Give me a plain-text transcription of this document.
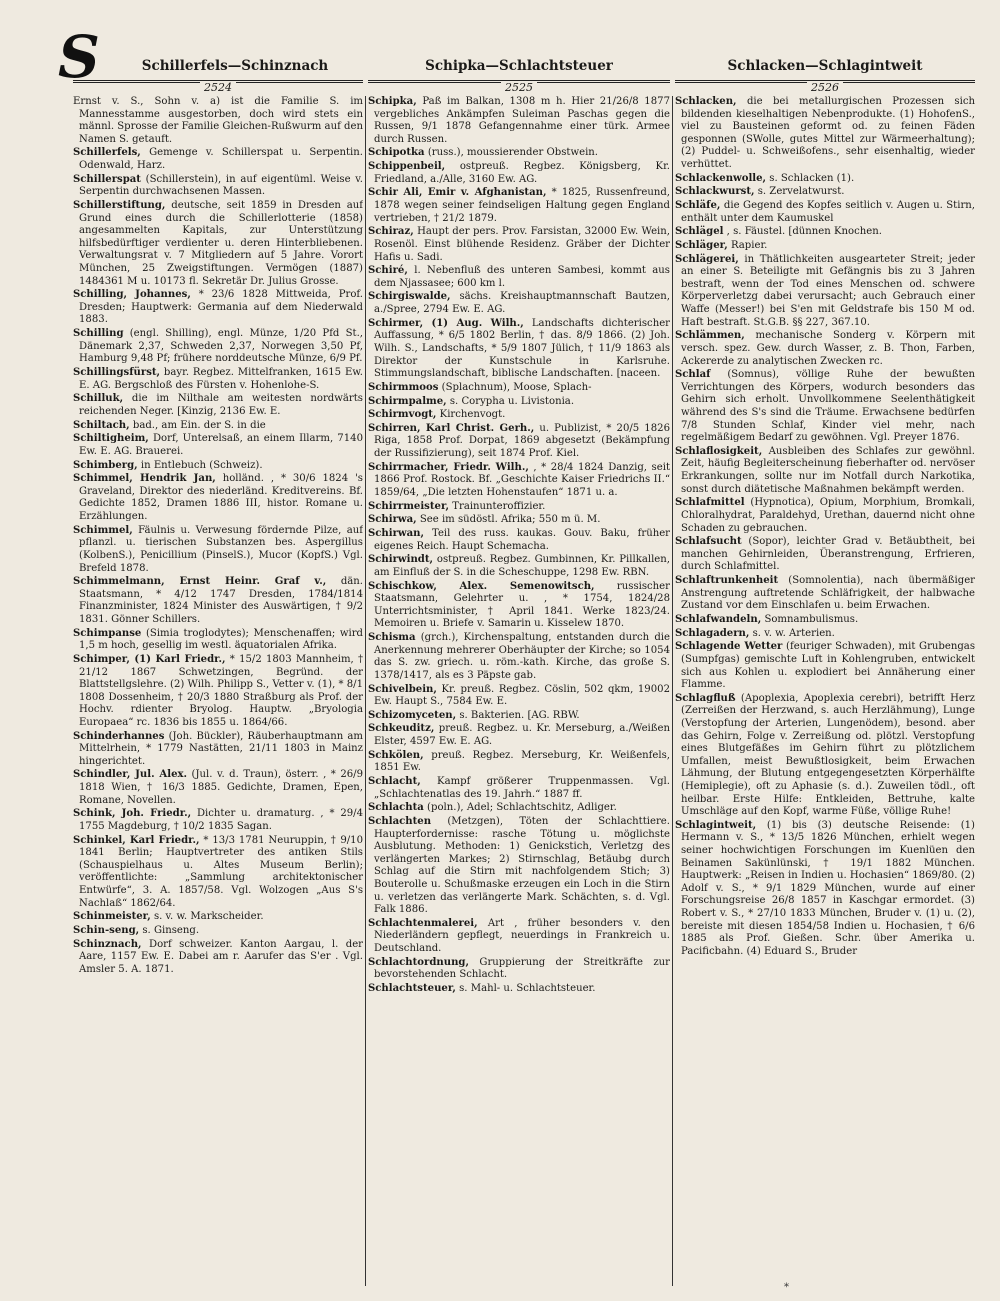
S	Schillerfels—Schinznach	Schipka—Schlachtsteuer	Schlacken—Schlagintweit
2524	2525	2526
Ernst v. S., Sohn v. a) ist die Familie S. im Mannesstamme ausgestorben, doch wird stets ein männl. Sprosse der Familie Gleichen-Rußwurm auf den Namen S. getauft.
Schillerfels, Gemenge v. Schillerspat u. Serpentin. Odenwald, Harz.
Schillerspat (Schillerstein), in auf eigentüml. Weise v. Serpentin durchwachsenen Massen.
Schillerstiftung, deutsche, seit 1859 in Dresden auf Grund eines durch die Schillerlotterie (1858) angesammelten Kapitals, zur Unterstützung hilfsbedürftiger verdienter u. deren Hinterbliebenen. Verwaltungsrat v. 7 Mitgliedern auf 5 Jahre. Vorort München, 25 Zweigstiftungen. Vermögen (1887) 1484361 M u. 10173 fl. Sekretär Dr. Julius Grosse.
Schilling, Johannes, * 23/6 1828 Mittweida, Prof. Dresden; Hauptwerk: Germania auf dem Niederwald 1883.
Schilling (engl. Shilling), engl. Münze, 1/20 Pfd St., Dänemark 2,37, Schweden 2,37, Norwegen 3,50 Pf, Hamburg 9,48 Pf; frühere norddeutsche Münze, 6/9 Pf.
Schillingsfürst, bayr. Regbez. Mittelfranken, 1615 Ew. E. AG. Bergschloß des Fürsten v. Hohenlohe-S.
Schilluk, die im Nilthale am weitesten nordwärts reichenden Neger. [Kinzig, 2136 Ew. E.
Schiltach, bad., am Ein. der S. in die
Schiltigheim, Dorf, Unterelsaß, an einem Illarm, 7140 Ew. E. AG. Brauerei.
Schimberg, in Entlebuch (Schweiz).
Schimmel, Hendrik Jan, holländ. , * 30/6 1824 's Graveland, Direktor des niederländ. Kreditvereins. Bf. Gedichte 1852, Dramen 1886 III, histor. Romane u. Erzählungen.
Schimmel, Fäulnis u. Verwesung fördernde Pilze, auf pflanzl. u. tierischen Substanzen bes. Aspergillus (KolbenS.), Penicillium (PinselS.), Mucor (KopfS.) Vgl. Brefeld 1878.
Schimmelmann, Ernst Heinr. Graf v., dän. Staatsmann, * 4/12 1747 Dresden, 1784/1814 Finanzminister, 1824 Minister des Auswärtigen, † 9/2 1831. Gönner Schillers.
Schimpanse (Simia troglodytes); Menschenaffen; wird 1,5 m hoch, gesellig im westl. äquatorialen Afrika.
Schimper, (1) Karl Friedr., * 15/2 1803 Mannheim, † 21/12 1867 Schwetzingen, Begründ. der Blattstellgslehre. (2) Wilh. Philipp S., Vetter v. (1), * 8/1 1808 Dossenheim, † 20/3 1880 Straßburg als Prof. der Hochv. rdienter Bryolog. Hauptw. „Bryologia Europaea“ rc. 1836 bis 1855 u. 1864/66.
Schinderhannes (Joh. Bückler), Räuberhauptmann am Mittelrhein, * 1779 Nastätten, 21/11 1803 in Mainz hingerichtet.
Schindler, Jul. Alex. (Jul. v. d. Traun), österr. , * 26/9 1818 Wien, † 16/3 1885. Gedichte, Dramen, Epen, Romane, Novellen.
Schink, Joh. Friedr., Dichter u. dramaturg. , * 29/4 1755 Magdeburg, † 10/2 1835 Sagan.
Schinkel, Karl Friedr., * 13/3 1781 Neuruppin, † 9/10 1841 Berlin; Hauptvertreter des antiken Stils (Schauspielhaus u. Altes Museum Berlin); veröffentlichte: „Sammlung architektonischer Entwürfe“, 3. A. 1857/58. Vgl. Wolzogen „Aus S's Nachlaß“ 1862/64.
Schinmeister, s. v. w. Markscheider.
Schin-seng, s. Ginseng.
Schinznach, Dorf schweizer. Kanton Aargau, l. der Aare, 1157 Ew. E. Dabei am r. Aarufer das S'er . Vgl. Amsler 5. A. 1871.
Schipka, Paß im Balkan, 1308 m h. Hier 21/26/8 1877 vergebliches Ankämpfen Suleiman Paschas gegen die Russen, 9/1 1878 Gefangennahme einer türk. Armee durch Russen.
Schipotka (russ.), moussierender Obstwein.
Schippenbeil, ostpreuß. Regbez. Königsberg, Kr. Friedland, a./Alle, 3160 Ew. AG.
Schir Ali, Emir v. Afghanistan, * 1825, Russenfreund, 1878 wegen seiner feindseligen Haltung gegen England vertrieben, † 21/2 1879.
Schiraz, Haupt der pers. Prov. Farsistan, 32000 Ew. Wein, Rosenöl. Einst blühende Residenz. Gräber der Dichter Hafis u. Sadi.
Schiré, l. Nebenfluß des unteren Sambesi, kommt aus dem Njassasee; 600 km l.
Schirgiswalde, sächs. Kreishauptmannschaft Bautzen, a./Spree, 2794 Ew. E. AG.
Schirmer, (1) Aug. Wilh., Landschafts dichterischer Auffassung, * 6/5 1802 Berlin, † das. 8/9 1866. (2) Joh. Wilh. S., Landschafts, * 5/9 1807 Jülich, † 11/9 1863 als Direktor der Kunstschule in Karlsruhe. Stimmungslandschaft, biblische Landschaften. [naceen.
Schirmmoos (Splachnum), Moose, Splach-
Schirmpalme, s. Corypha u. Livistonia.
Schirmvogt, Kirchenvogt.
Schirren, Karl Christ. Gerh., u. Publizist, * 20/5 1826 Riga, 1858 Prof. Dorpat, 1869 abgesetzt (Bekämpfung der Russifizierung), seit 1874 Prof. Kiel.
Schirrmacher, Friedr. Wilh., , * 28/4 1824 Danzig, seit 1866 Prof. Rostock. Bf. „Geschichte Kaiser Friedrichs II.“ 1859/64, „Die letzten Hohenstaufen“ 1871 u. a.
Schirrmeister, Trainunteroffizier.
Schirwa, See im südöstl. Afrika; 550 m ü. M.
Schirwan, Teil des russ. kaukas. Gouv. Baku, früher eigenes Reich. Haupt Schemacha.
Schirwindt, ostpreuß. Regbez. Gumbinnen, Kr. Pillkallen, am Einfluß der S. in die Scheschuppe, 1298 Ew. RBN.
Schischkow, Alex. Semenowitsch, russischer Staatsmann, Gelehrter u. , * 1754, 1824/28 Unterrichtsminister, † April 1841. Werke 1823/24. Memoiren u. Briefe v. Samarin u. Kisselew 1870.
Schisma (grch.), Kirchenspaltung, entstanden durch die Anerkennung mehrerer Oberhäupter der Kirche; so 1054 das S. zw. griech. u. röm.-kath. Kirche, das große S. 1378/1417, als es 3 Päpste gab.
Schivelbein, Kr. preuß. Regbez. Cöslin, 502 qkm, 19002 Ew. Haupt S., 7584 Ew. E.
Schizomyceten, s. Bakterien. [AG. RBW.
Schkeuditz, preuß. Regbez. u. Kr. Merseburg, a./Weißen Elster, 4597 Ew. E. AG.
Schkölen, preuß. Regbez. Merseburg, Kr. Weißenfels, 1851 Ew.
Schlacht, Kampf größerer Truppenmassen. Vgl. „Schlachtenatlas des 19. Jahrh.“ 1887 ff.
Schlachta (poln.), Adel; Schlachtschitz, Adliger.
Schlachten (Metzgen), Töten der Schlachttiere. Haupterfordernisse: rasche Tötung u. möglichste Ausblutung. Methoden: 1) Genickstich, Verletzg des verlängerten Markes; 2) Stirnschlag, Betäubg durch Schlag auf die Stirn mit nachfolgendem Stich; 3) Bouterolle u. Schußmaske erzeugen ein Loch in die Stirn u. verletzen das verlängerte Mark. Schächten, s. d. Vgl. Falk 1886.
Schlachtenmalerei, Art , früher besonders v. den Niederländern gepflegt, neuerdings in Frankreich u. Deutschland.
Schlachtordnung, Gruppierung der Streitkräfte zur bevorstehenden Schlacht.
Schlachtsteuer, s. Mahl- u. Schlachtsteuer.
Schlacken, die bei metallurgischen Prozessen sich bildenden kieselhaltigen Nebenprodukte. (1) HohofenS., viel zu Bausteinen geformt od. zu feinen Fäden gesponnen (SWolle, gutes Mittel zur Wärmeerhaltung); (2) Puddel- u. Schweißofens., sehr eisenhaltig, wieder verhüttet.
Schlackenwolle, s. Schlacken (1).
Schlackwurst, s. Zervelatwurst.
Schläfe, die Gegend des Kopfes seitlich v. Augen u. Stirn, enthält unter dem Kaumuskel
Schlägel , s. Fäustel. [dünnen Knochen.
Schläger, Rapier.
Schlägerei, in Thätlichkeiten ausgearteter Streit; jeder an einer S. Beteiligte mit Gefängnis bis zu 3 Jahren bestraft, wenn der Tod eines Menschen od. schwere Körperverletzg dabei verursacht; auch Gebrauch einer Waffe (Messer!) bei S'en mit Geldstrafe bis 150 M od. Haft bestraft. St.G.B. §§ 227, 367.10.
Schlämmen, mechanische Sonderg v. Körpern mit versch. spez. Gew. durch Wasser, z. B. Thon, Farben, Ackererde zu analytischen Zwecken rc.
Schlaf (Somnus), völlige Ruhe der bewußten Verrichtungen des Körpers, wodurch besonders das Gehirn sich erholt. Unvollkommene Seelenthätigkeit während des S's sind die Träume. Erwachsene bedürfen 7/8 Stunden Schlaf, Kinder viel mehr, nach regelmäßigem Bedarf zu gewöhnen. Vgl. Preyer 1876.
Schlaflosigkeit, Ausbleiben des Schlafes zur gewöhnl. Zeit, häufig Begleiterscheinung fieberhafter od. nervöser Erkrankungen, sollte nur im Notfall durch Narkotika, sonst durch diätetische Maßnahmen bekämpft werden.
Schlafmittel (Hypnotica), Opium, Morphium, Bromkali, Chloralhydrat, Paraldehyd, Urethan, dauernd nicht ohne Schaden zu gebrauchen.
Schlafsucht (Sopor), leichter Grad v. Betäubtheit, bei manchen Gehirnleiden, Überanstrengung, Erfrieren, durch Schlafmittel.
Schlaftrunkenheit (Somnolentia), nach übermäßiger Anstrengung auftretende Schläfrigkeit, der halbwache Zustand vor dem Einschlafen u. beim Erwachen.
Schlafwandeln, Somnambulismus.
Schlagadern, s. v. w. Arterien.
Schlagende Wetter (feuriger Schwaden), mit Grubengas (Sumpfgas) gemischte Luft in Kohlengruben, entwickelt sich aus Kohlen u. explodiert bei Annäherung einer Flamme.
Schlagfluß (Apoplexia, Apoplexia cerebri), betrifft Herz (Zerreißen der Herzwand, s. auch Herzlähmung), Lunge (Verstopfung der Arterien, Lungenödem), besond. aber das Gehirn, Folge v. Zerreißung od. plötzl. Verstopfung eines Blutgefäßes im Gehirn führt zu plötzlichem Umfallen, meist Bewußtlosigkeit, beim Erwachen Lähmung, der Blutung entgegengesetzten Körperhälfte (Hemiplegie), oft zu Aphasie (s. d.). Zuweilen tödl., oft heilbar. Erste Hilfe: Entkleiden, Bettruhe, kalte Umschläge auf den Kopf, warme Füße, völlige Ruhe!
Schlagintweit, (1) bis (3) deutsche Reisende: (1) Hermann v. S., * 13/5 1826 München, erhielt wegen seiner hochwichtigen Forschungen im Kuenlüen den Beinamen Sakünlünski, † 19/1 1882 München. Hauptwerk: „Reisen in Indien u. Hochasien“ 1869/80. (2) Adolf v. S., * 9/1 1829 München, wurde auf einer Forschungsreise 26/8 1857 in Kaschgar ermordet. (3) Robert v. S., * 27/10 1833 München, Bruder v. (1) u. (2), bereiste mit diesen 1854/58 Indien u. Hochasien, † 6/6 1885 als Prof. Gießen. Schr. über Amerika u. Pacificbahn. (4) Eduard S., Bruder
*
